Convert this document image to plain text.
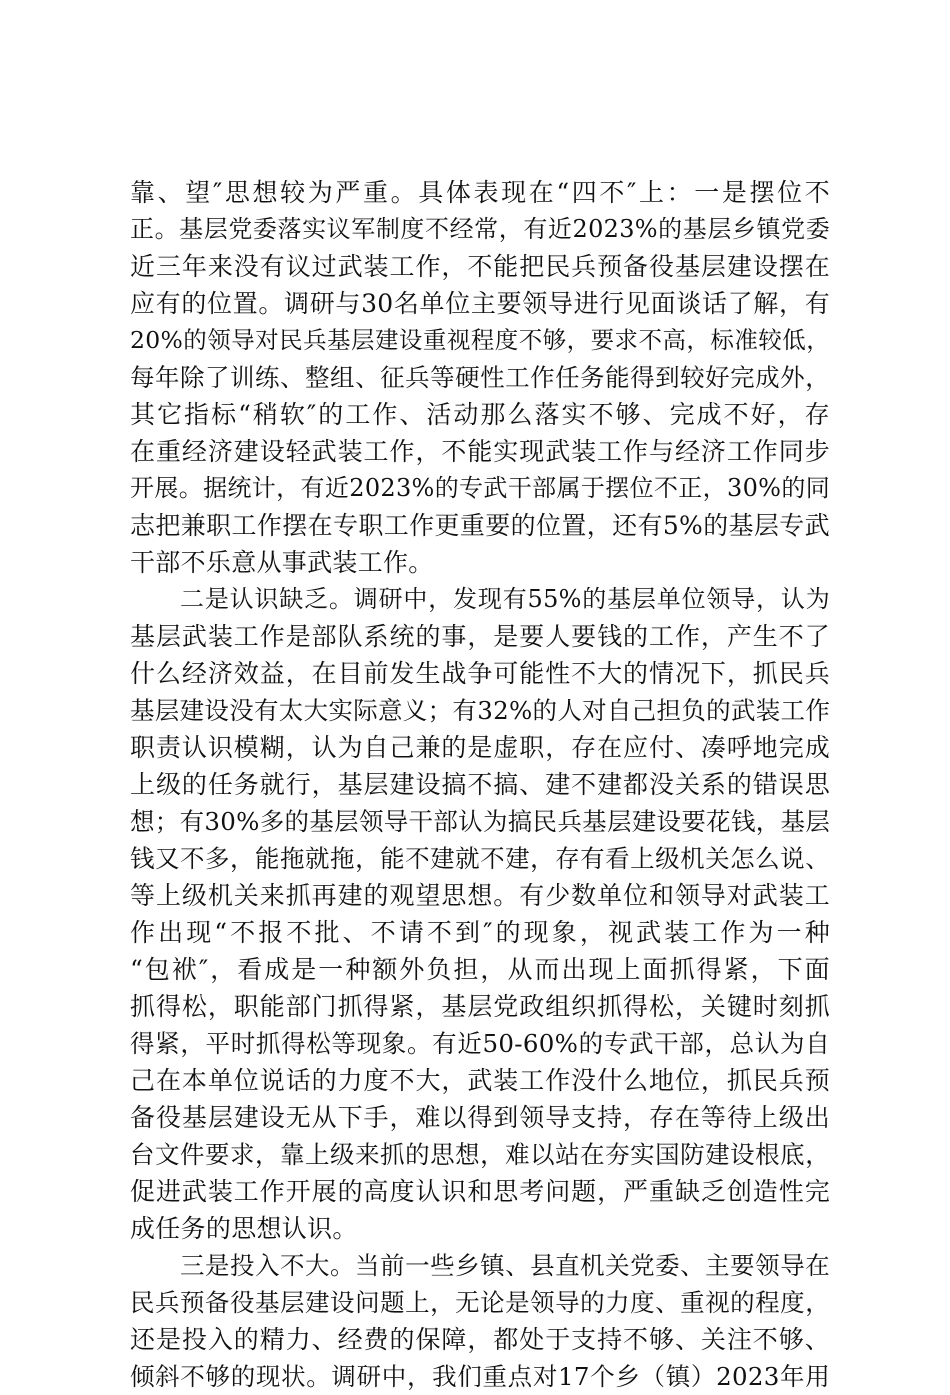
靠、望″思想较为严重。具体表现在“四不″上：一是摆位不
正。基层党委落实议军制度不经常，有近2023%的基层乡镇党委
近三年来没有议过武装工作，不能把民兵预备役基层建设摆在
应有的位置。调研与30名单位主要领导进行见面谈话了解，有
20%的领导对民兵基层建设重视程度不够，要求不高，标准较低，
每年除了训练、整组、征兵等硬性工作任务能得到较好完成外，
其它指标“稍软″的工作、活动那么落实不够、完成不好，存
在重经济建设轻武装工作，不能实现武装工作与经济工作同步
开展。据统计，有近2023%的专武干部属于摆位不正，30%的同
志把兼职工作摆在专职工作更重要的位置，还有5%的基层专武
干部不乐意从事武装工作。
二是认识缺乏。调研中，发现有55%的基层单位领导，认为
基层武装工作是部队系统的事，是要人要钱的工作，产生不了
什么经济效益，在目前发生战争可能性不大的情况下，抓民兵
基层建设没有太大实际意义；有32%的人对自己担负的武装工作
职责认识模糊，认为自己兼的是虚职，存在应付、凑呼地完成
上级的任务就行，基层建设搞不搞、建不建都没关系的错误思
想；有30%多的基层领导干部认为搞民兵基层建设要花钱，基层
钱又不多，能拖就拖，能不建就不建，存有看上级机关怎么说、
等上级机关来抓再建的观望思想。有少数单位和领导对武装工
作出现“不报不批、不请不到″的现象，视武装工作为一种
“包袱″，看成是一种额外负担，从而出现上面抓得紧，下面
抓得松，职能部门抓得紧，基层党政组织抓得松，关键时刻抓
得紧，平时抓得松等现象。有近50-60%的专武干部，总认为自
己在本单位说话的力度不大，武装工作没什么地位，抓民兵预
备役基层建设无从下手，难以得到领导支持，存在等待上级出
台文件要求，靠上级来抓的思想，难以站在夯实国防建设根底，
促进武装工作开展的高度认识和思考问题，严重缺乏创造性完
成任务的思想认识。
三是投入不大。当前一些乡镇、县直机关党委、主要领导在
民兵预备役基层建设问题上，无论是领导的力度、重视的程度，
还是投入的精力、经费的保障，都处于支持不够、关注不够、
倾斜不够的现状。调研中，我们重点对17个乡（镇）2023年用
